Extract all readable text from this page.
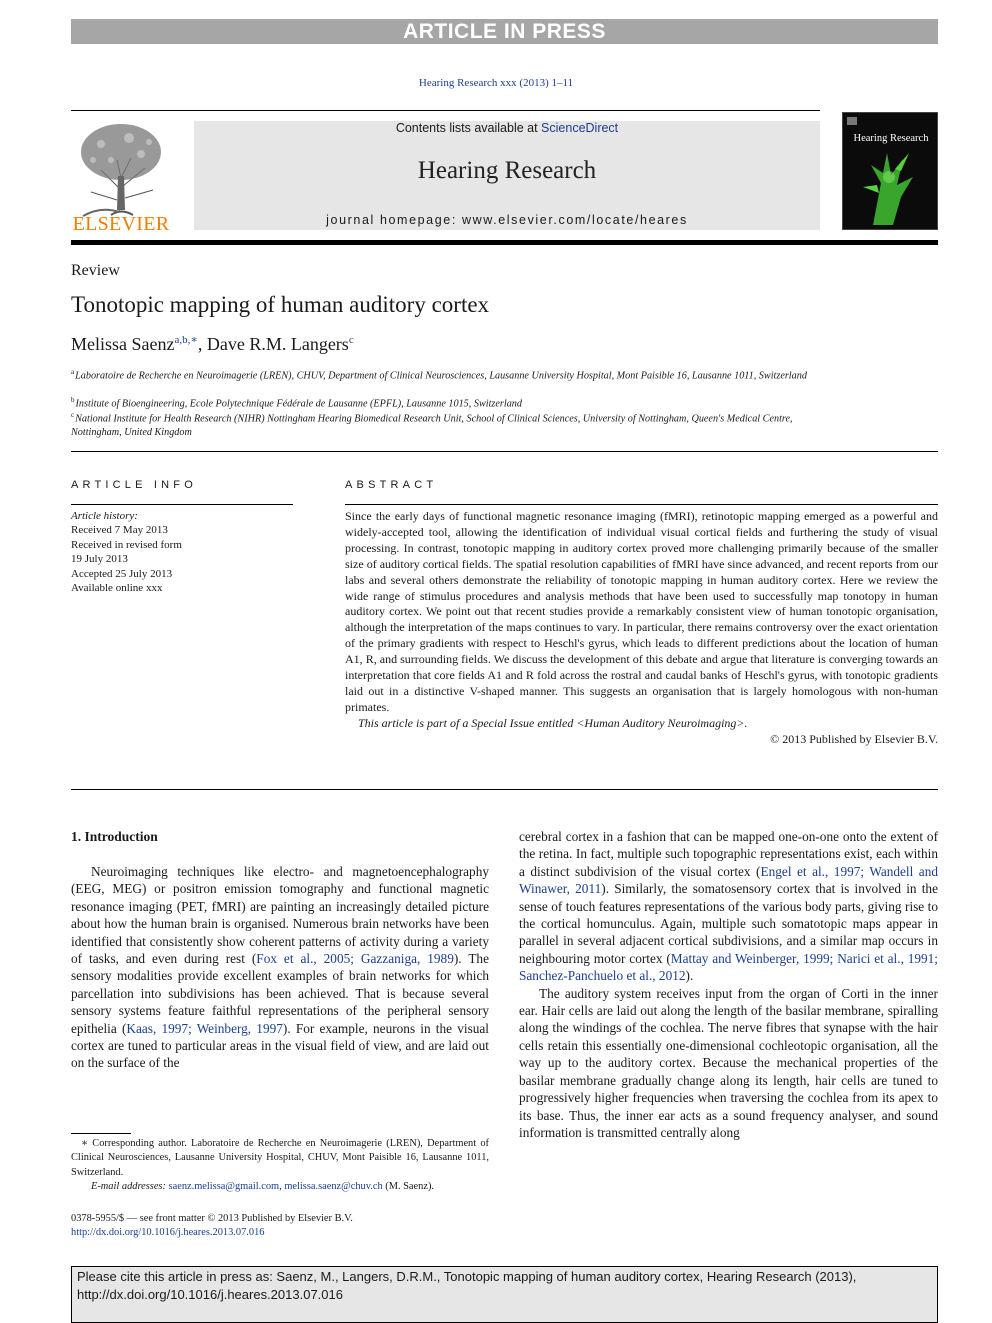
ARTICLE IN PRESS
Hearing Research xxx (2013) 1–11
ELSEVIER
Contents lists available at ScienceDirect
Hearing Research
journal homepage: www.elsevier.com/locate/heares
Hearing Research
Review
Tonotopic mapping of human auditory cortex
Melissa Saenz$^{a,b,∗}$, Dave R.M. Langers$^c$
$^a$Laboratoire de Recherche en Neuroimagerie (LREN), CHUV, Department of Clinical Neurosciences, Lausanne University Hospital, Mont Paisible 16, Lausanne 1011, Switzerland
$^b$Institute of Bioengineering, Ecole Polytechnique Fédérale de Lausanne (EPFL), Lausanne 1015, Switzerland
$^c$National Institute for Health Research (NIHR) Nottingham Hearing Biomedical Research Unit, School of Clinical Sciences, University of Nottingham, Queen's Medical Centre, Nottingham, United Kingdom
ARTICLE INFO	ABSTRACT
Article history:
Received 7 May 2013
Received in revised form
19 July 2013
Accepted 25 July 2013
Available online xxx

Since the early days of functional magnetic resonance imaging (fMRI), retinotopic mapping emerged as a powerful and widely-accepted tool, allowing the identification of individual visual cortical fields and furthering the study of visual processing. In contrast, tonotopic mapping in auditory cortex proved more challenging primarily because of the smaller size of auditory cortical fields. The spatial resolution capabilities of fMRI have since advanced, and recent reports from our labs and several others demonstrate the reliability of tonotopic mapping in human auditory cortex. Here we review the wide range of stimulus procedures and analysis methods that have been used to successfully map tonotopy in human auditory cortex. We point out that recent studies provide a remarkably consistent view of human tonotopic organisation, although the interpretation of the maps continues to vary. In particular, there remains controversy over the exact orientation of the primary gradients with respect to Heschl's gyrus, which leads to different predictions about the location of human A1, R, and surrounding fields. We discuss the development of this debate and argue that literature is converging towards an interpretation that core fields A1 and R fold across the rostral and caudal banks of Heschl's gyrus, with tonotopic gradients laid out in a distinctive V-shaped manner. This suggests an organisation that is largely homologous with non-human primates.

This article is part of a Special Issue entitled <Human Auditory Neuroimaging>.

© 2013 Published by Elsevier B.V.

1. Introduction

Neuroimaging techniques like electro- and magnetoencephalography (EEG, MEG) or positron emission tomography and functional magnetic resonance imaging (PET, fMRI) are painting an increasingly detailed picture about how the human brain is organised. Numerous brain networks have been identified that consistently show coherent patterns of activity during a variety of tasks, and even during rest (Fox et al., 2005; Gazzaniga, 1989). The sensory modalities provide excellent examples of brain networks for which parcellation into subdivisions has been achieved. That is because several sensory systems feature faithful representations of the peripheral sensory epithelia (Kaas, 1997; Weinberg, 1997). For example, neurons in the visual cortex are tuned to particular areas in the visual field of view, and are laid out on the surface of the

cerebral cortex in a fashion that can be mapped one-on-one onto the extent of the retina. In fact, multiple such topographic representations exist, each within a distinct subdivision of the visual cortex (Engel et al., 1997; Wandell and Winawer, 2011). Similarly, the somatosensory cortex that is involved in the sense of touch features representations of the various body parts, giving rise to the cortical homunculus. Again, multiple such somatotopic maps appear in parallel in several adjacent cortical subdivisions, and a similar map occurs in neighbouring motor cortex (Mattay and Weinberger, 1999; Narici et al., 1991; Sanchez-Panchuelo et al., 2012).

The auditory system receives input from the organ of Corti in the inner ear. Hair cells are laid out along the length of the basilar membrane, spiralling along the windings of the cochlea. The nerve fibres that synapse with the hair cells retain this essentially one-dimensional cochleotopic organisation, all the way up to the auditory cortex. Because the mechanical properties of the basilar membrane gradually change along its length, hair cells are tuned to progressively higher frequencies when traversing the cochlea from its apex to its base. Thus, the inner ear acts as a sound frequency analyser, and sound information is transmitted centrally along

∗ Corresponding author. Laboratoire de Recherche en Neuroimagerie (LREN), Department of Clinical Neurosciences, Lausanne University Hospital, CHUV, Mont Paisible 16, Lausanne 1011, Switzerland.
E-mail addresses: saenz.melissa@gmail.com, melissa.saenz@chuv.ch (M. Saenz).
0378-5955/$ — see front matter © 2013 Published by Elsevier B.V.
http://dx.doi.org/10.1016/j.heares.2013.07.016
Please cite this article in press as: Saenz, M., Langers, D.R.M., Tonotopic mapping of human auditory cortex, Hearing Research (2013), http://dx.doi.org/10.1016/j.heares.2013.07.016
